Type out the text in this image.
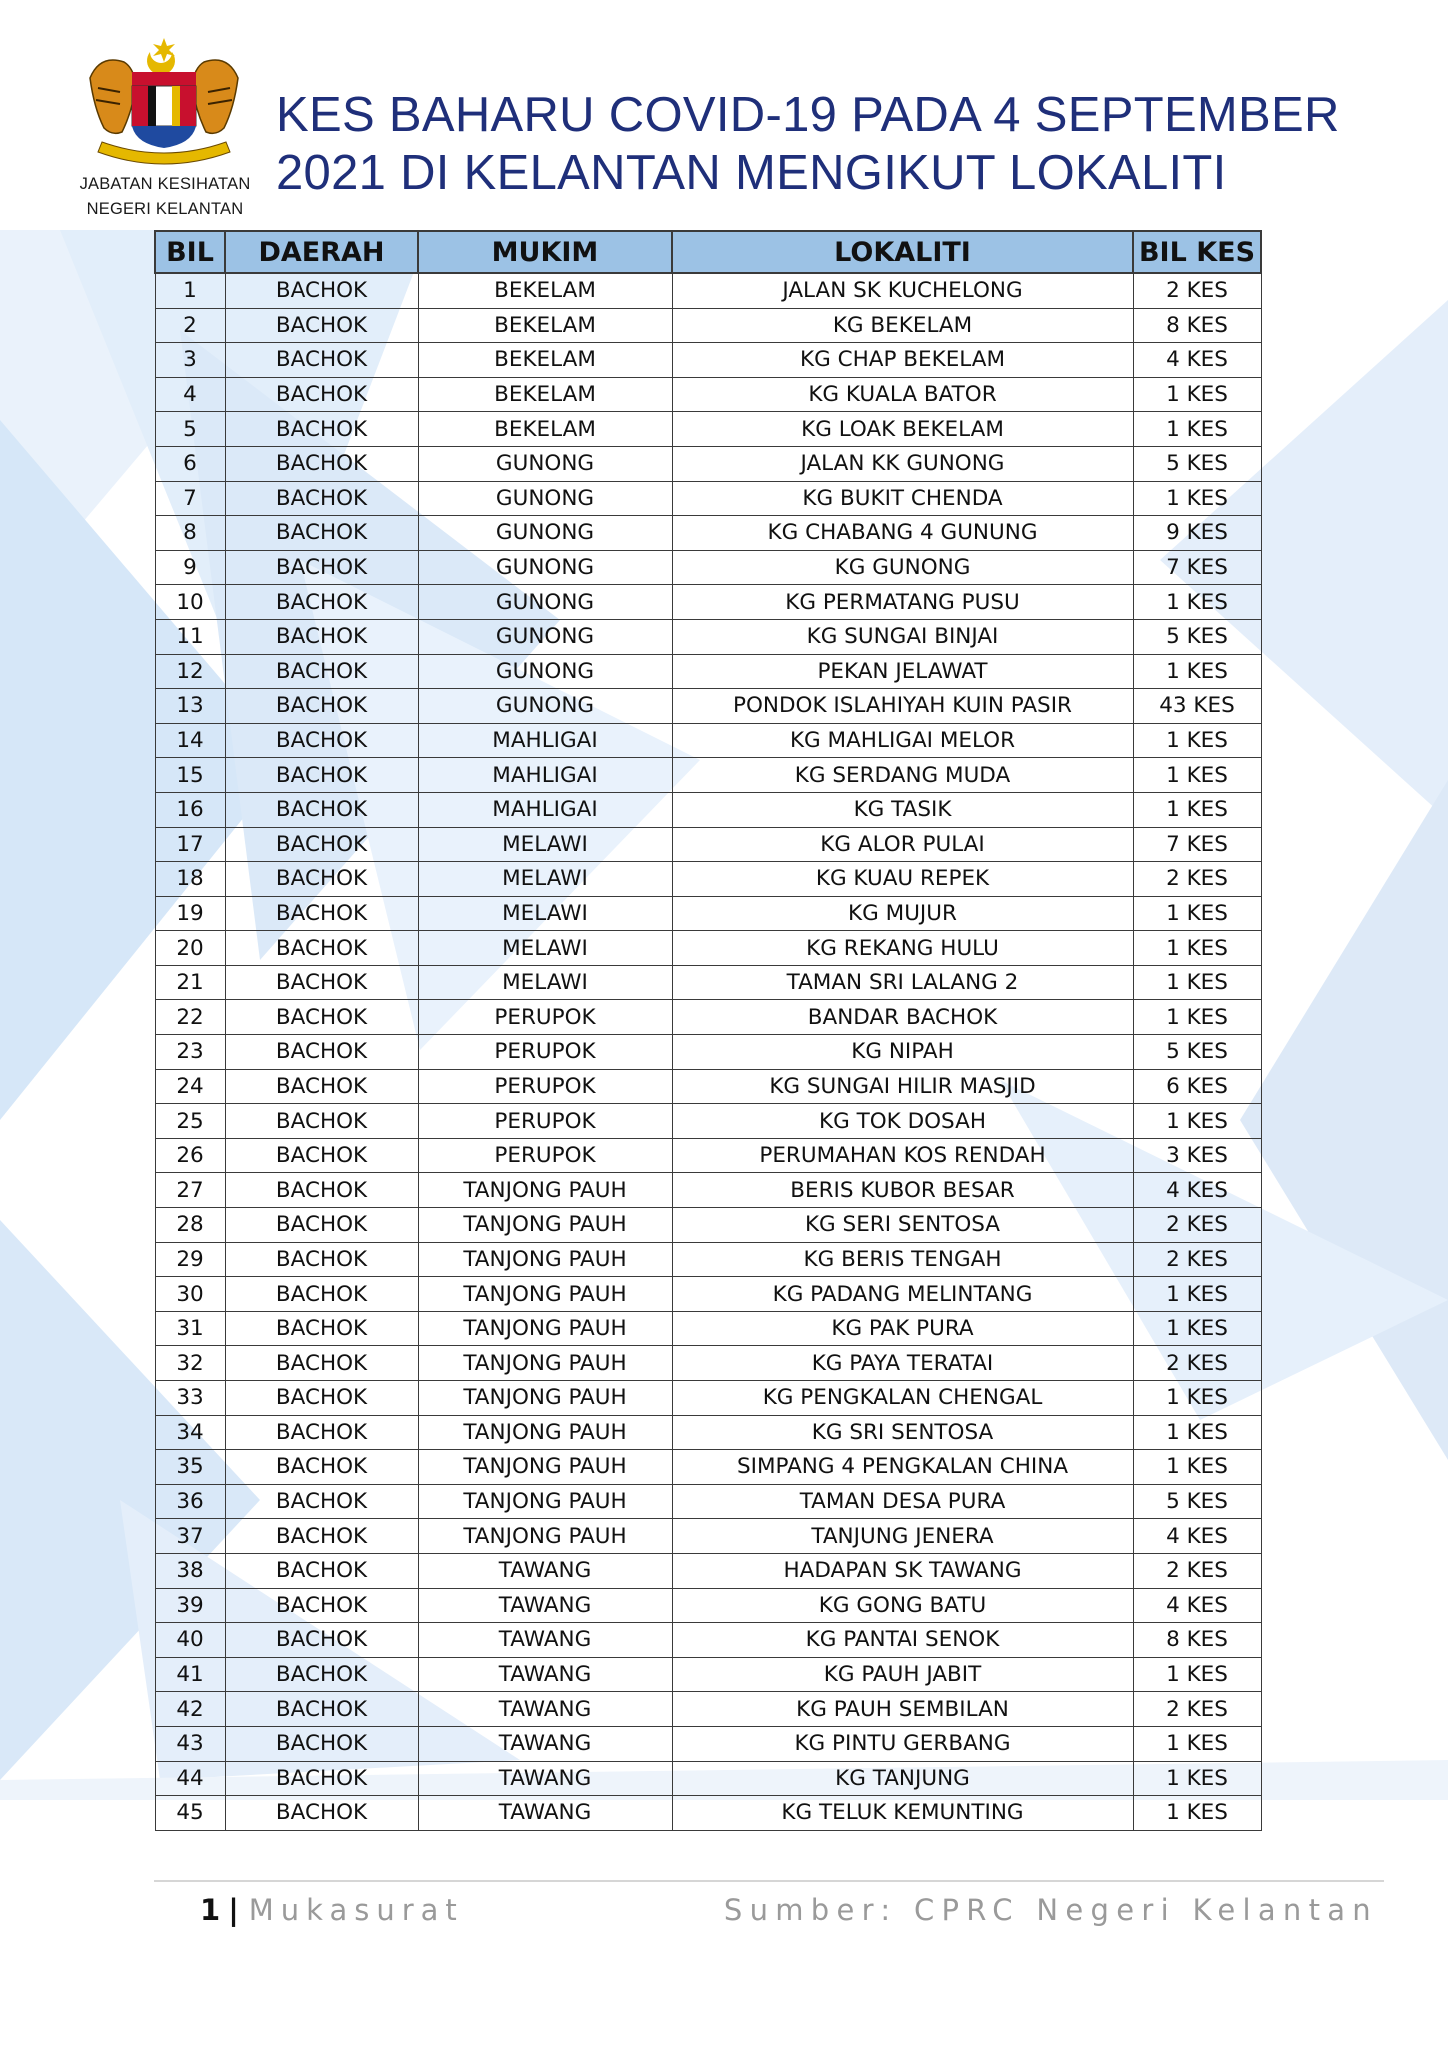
JABATAN KESIHATAN
NEGERI KELANTAN
KES BAHARU COVID-19 PADA 4 SEPTEMBER
2021 DI KELANTAN MENGIKUT LOKALITI
BIL	DAERAH	MUKIM	LOKALITI	BIL KES
1	BACHOK	BEKELAM	JALAN SK KUCHELONG	2 KES
2	BACHOK	BEKELAM	KG BEKELAM	8 KES
3	BACHOK	BEKELAM	KG CHAP BEKELAM	4 KES
4	BACHOK	BEKELAM	KG KUALA BATOR	1 KES
5	BACHOK	BEKELAM	KG LOAK BEKELAM	1 KES
6	BACHOK	GUNONG	JALAN KK GUNONG	5 KES
7	BACHOK	GUNONG	KG BUKIT CHENDA	1 KES
8	BACHOK	GUNONG	KG CHABANG 4 GUNUNG	9 KES
9	BACHOK	GUNONG	KG GUNONG	7 KES
10	BACHOK	GUNONG	KG PERMATANG PUSU	1 KES
11	BACHOK	GUNONG	KG SUNGAI BINJAI	5 KES
12	BACHOK	GUNONG	PEKAN JELAWAT	1 KES
13	BACHOK	GUNONG	PONDOK ISLAHIYAH KUIN PASIR	43 KES
14	BACHOK	MAHLIGAI	KG MAHLIGAI MELOR	1 KES
15	BACHOK	MAHLIGAI	KG SERDANG MUDA	1 KES
16	BACHOK	MAHLIGAI	KG TASIK	1 KES
17	BACHOK	MELAWI	KG ALOR PULAI	7 KES
18	BACHOK	MELAWI	KG KUAU REPEK	2 KES
19	BACHOK	MELAWI	KG MUJUR	1 KES
20	BACHOK	MELAWI	KG REKANG HULU	1 KES
21	BACHOK	MELAWI	TAMAN SRI LALANG 2	1 KES
22	BACHOK	PERUPOK	BANDAR BACHOK	1 KES
23	BACHOK	PERUPOK	KG NIPAH	5 KES
24	BACHOK	PERUPOK	KG SUNGAI HILIR MASJID	6 KES
25	BACHOK	PERUPOK	KG TOK DOSAH	1 KES
26	BACHOK	PERUPOK	PERUMAHAN KOS RENDAH	3 KES
27	BACHOK	TANJONG PAUH	BERIS KUBOR BESAR	4 KES
28	BACHOK	TANJONG PAUH	KG SERI SENTOSA	2 KES
29	BACHOK	TANJONG PAUH	KG BERIS TENGAH	2 KES
30	BACHOK	TANJONG PAUH	KG PADANG MELINTANG	1 KES
31	BACHOK	TANJONG PAUH	KG PAK PURA	1 KES
32	BACHOK	TANJONG PAUH	KG PAYA TERATAI	2 KES
33	BACHOK	TANJONG PAUH	KG PENGKALAN CHENGAL	1 KES
34	BACHOK	TANJONG PAUH	KG SRI SENTOSA	1 KES
35	BACHOK	TANJONG PAUH	SIMPANG 4 PENGKALAN CHINA	1 KES
36	BACHOK	TANJONG PAUH	TAMAN DESA PURA	5 KES
37	BACHOK	TANJONG PAUH	TANJUNG JENERA	4 KES
38	BACHOK	TAWANG	HADAPAN SK TAWANG	2 KES
39	BACHOK	TAWANG	KG GONG BATU	4 KES
40	BACHOK	TAWANG	KG PANTAI SENOK	8 KES
41	BACHOK	TAWANG	KG PAUH JABIT	1 KES
42	BACHOK	TAWANG	KG PAUH SEMBILAN	2 KES
43	BACHOK	TAWANG	KG PINTU GERBANG	1 KES
44	BACHOK	TAWANG	KG TANJUNG	1 KES
45	BACHOK	TAWANG	KG TELUK KEMUNTING	1 KES
1 | Mukasurat	Sumber: CPRC Negeri Kelantan
